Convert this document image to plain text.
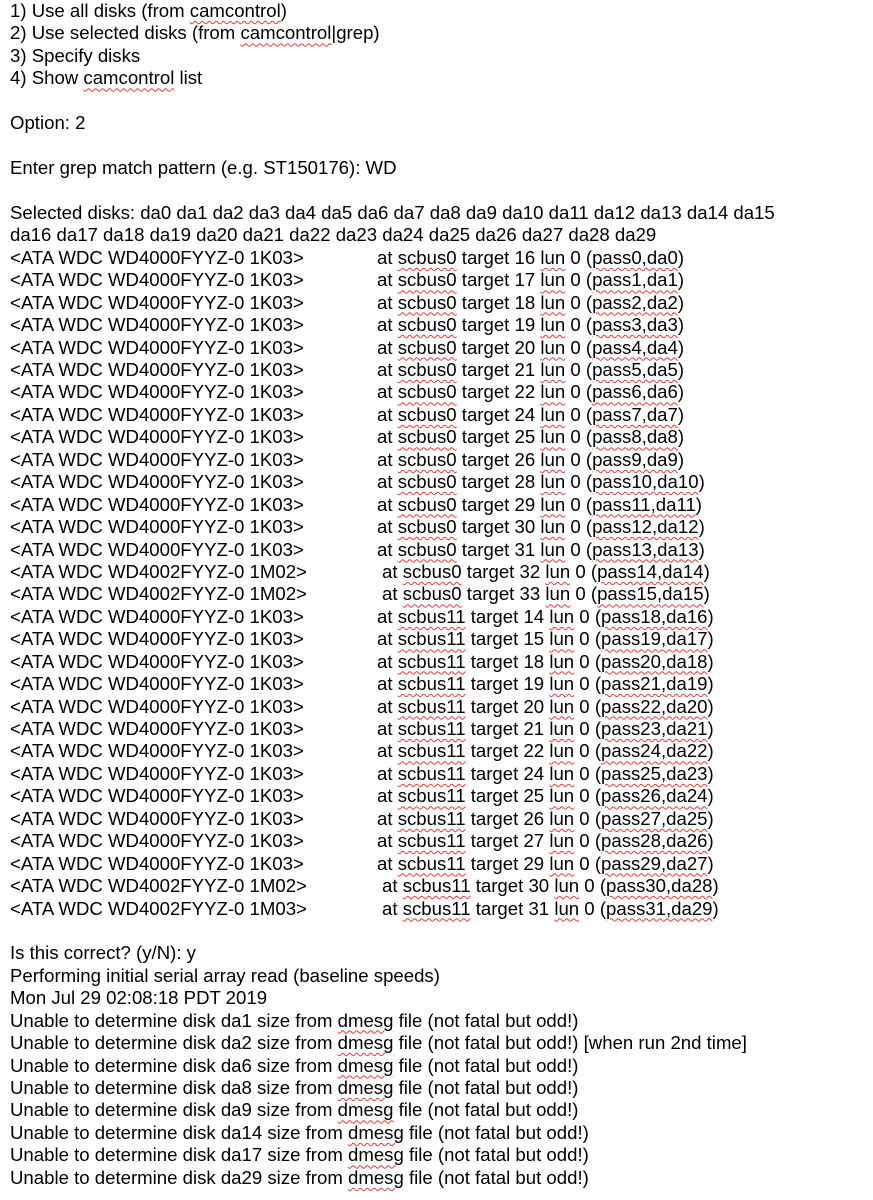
1) Use all disks (from camcontrol)
2) Use selected disks (from camcontrol|grep)
3) Specify disks
4) Show camcontrol list
Option: 2
Enter grep match pattern (e.g. ST150176): WD
Selected disks: da0 da1 da2 da3 da4 da5 da6 da7 da8 da9 da10 da11 da12 da13 da14 da15
da16 da17 da18 da19 da20 da21 da22 da23 da24 da25 da26 da27 da28 da29
<ATA WDC WD4000FYYZ-0 1K03>	at scbus0 target 16 lun 0 (pass0,da0)
<ATA WDC WD4000FYYZ-0 1K03>	at scbus0 target 17 lun 0 (pass1,da1)
<ATA WDC WD4000FYYZ-0 1K03>	at scbus0 target 18 lun 0 (pass2,da2)
<ATA WDC WD4000FYYZ-0 1K03>	at scbus0 target 19 lun 0 (pass3,da3)
<ATA WDC WD4000FYYZ-0 1K03>	at scbus0 target 20 lun 0 (pass4,da4)
<ATA WDC WD4000FYYZ-0 1K03>	at scbus0 target 21 lun 0 (pass5,da5)
<ATA WDC WD4000FYYZ-0 1K03>	at scbus0 target 22 lun 0 (pass6,da6)
<ATA WDC WD4000FYYZ-0 1K03>	at scbus0 target 24 lun 0 (pass7,da7)
<ATA WDC WD4000FYYZ-0 1K03>	at scbus0 target 25 lun 0 (pass8,da8)
<ATA WDC WD4000FYYZ-0 1K03>	at scbus0 target 26 lun 0 (pass9,da9)
<ATA WDC WD4000FYYZ-0 1K03>	at scbus0 target 28 lun 0 (pass10,da10)
<ATA WDC WD4000FYYZ-0 1K03>	at scbus0 target 29 lun 0 (pass11,da11)
<ATA WDC WD4000FYYZ-0 1K03>	at scbus0 target 30 lun 0 (pass12,da12)
<ATA WDC WD4000FYYZ-0 1K03>	at scbus0 target 31 lun 0 (pass13,da13)
<ATA WDC WD4002FYYZ-0 1M02>	at scbus0 target 32 lun 0 (pass14,da14)
<ATA WDC WD4002FYYZ-0 1M02>	at scbus0 target 33 lun 0 (pass15,da15)
<ATA WDC WD4000FYYZ-0 1K03>	at scbus11 target 14 lun 0 (pass18,da16)
<ATA WDC WD4000FYYZ-0 1K03>	at scbus11 target 15 lun 0 (pass19,da17)
<ATA WDC WD4000FYYZ-0 1K03>	at scbus11 target 18 lun 0 (pass20,da18)
<ATA WDC WD4000FYYZ-0 1K03>	at scbus11 target 19 lun 0 (pass21,da19)
<ATA WDC WD4000FYYZ-0 1K03>	at scbus11 target 20 lun 0 (pass22,da20)
<ATA WDC WD4000FYYZ-0 1K03>	at scbus11 target 21 lun 0 (pass23,da21)
<ATA WDC WD4000FYYZ-0 1K03>	at scbus11 target 22 lun 0 (pass24,da22)
<ATA WDC WD4000FYYZ-0 1K03>	at scbus11 target 24 lun 0 (pass25,da23)
<ATA WDC WD4000FYYZ-0 1K03>	at scbus11 target 25 lun 0 (pass26,da24)
<ATA WDC WD4000FYYZ-0 1K03>	at scbus11 target 26 lun 0 (pass27,da25)
<ATA WDC WD4000FYYZ-0 1K03>	at scbus11 target 27 lun 0 (pass28,da26)
<ATA WDC WD4000FYYZ-0 1K03>	at scbus11 target 29 lun 0 (pass29,da27)
<ATA WDC WD4002FYYZ-0 1M02>	at scbus11 target 30 lun 0 (pass30,da28)
<ATA WDC WD4002FYYZ-0 1M03>	at scbus11 target 31 lun 0 (pass31,da29)
Is this correct? (y/N): y
Performing initial serial array read (baseline speeds)
Mon Jul 29 02:08:18 PDT 2019
Unable to determine disk da1 size from dmesg file (not fatal but odd!)
Unable to determine disk da2 size from dmesg file (not fatal but odd!) [when run 2nd time]
Unable to determine disk da6 size from dmesg file (not fatal but odd!)
Unable to determine disk da8 size from dmesg file (not fatal but odd!)
Unable to determine disk da9 size from dmesg file (not fatal but odd!)
Unable to determine disk da14 size from dmesg file (not fatal but odd!)
Unable to determine disk da17 size from dmesg file (not fatal but odd!)
Unable to determine disk da29 size from dmesg file (not fatal but odd!)
